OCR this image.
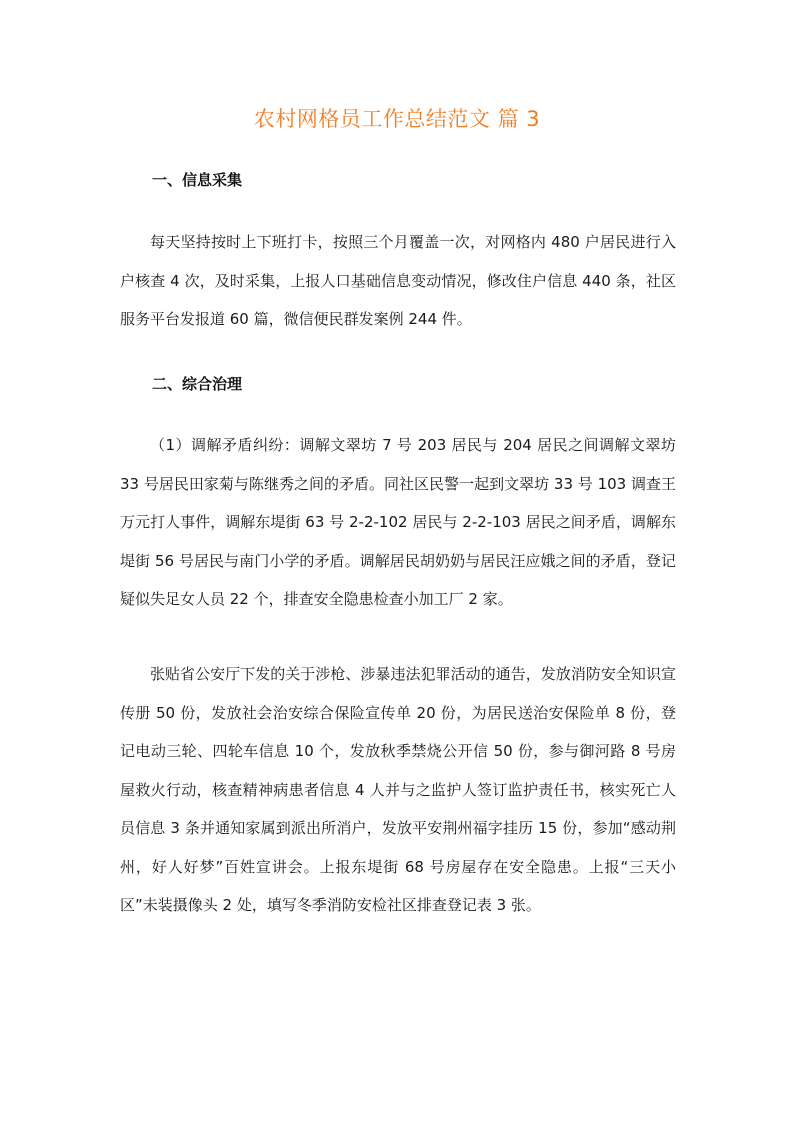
农村网格员工作总结范文 篇 3
一、信息采集
每天坚持按时上下班打卡，按照三个月覆盖一次，对网格内 480 户居民进行入户核查 4 次，及时采集，上报人口基础信息变动情况，修改住户信息 440 条，社区服务平台发报道 60 篇，微信便民群发案例 244 件。
二、综合治理
（1）调解矛盾纠纷：调解文翠坊 7 号 203 居民与 204 居民之间调解文翠坊 33 号居民田家菊与陈继秀之间的矛盾。同社区民警一起到文翠坊 33 号 103 调查王万元打人事件，调解东堤街 63 号 2-2-102 居民与 2-2-103 居民之间矛盾，调解东堤街 56 号居民与南门小学的矛盾。调解居民胡奶奶与居民汪应娥之间的矛盾，登记疑似失足女人员 22 个，排查安全隐患检查小加工厂 2 家。
张贴省公安厅下发的关于涉枪、涉暴违法犯罪活动的通告，发放消防安全知识宣传册 50 份，发放社会治安综合保险宣传单 20 份，为居民送治安保险单 8 份，登记电动三轮、四轮车信息 10 个，发放秋季禁烧公开信 50 份，参与御河路 8 号房屋救火行动，核查精神病患者信息 4 人并与之监护人签订监护责任书，核实死亡人员信息 3 条并通知家属到派出所消户，发放平安荆州福字挂历 15 份，参加“感动荆州，好人好梦”百姓宣讲会。上报东堤街 68 号房屋存在安全隐患。上报“三天小区”未装摄像头 2 处，填写冬季消防安检社区排查登记表 3 张。
